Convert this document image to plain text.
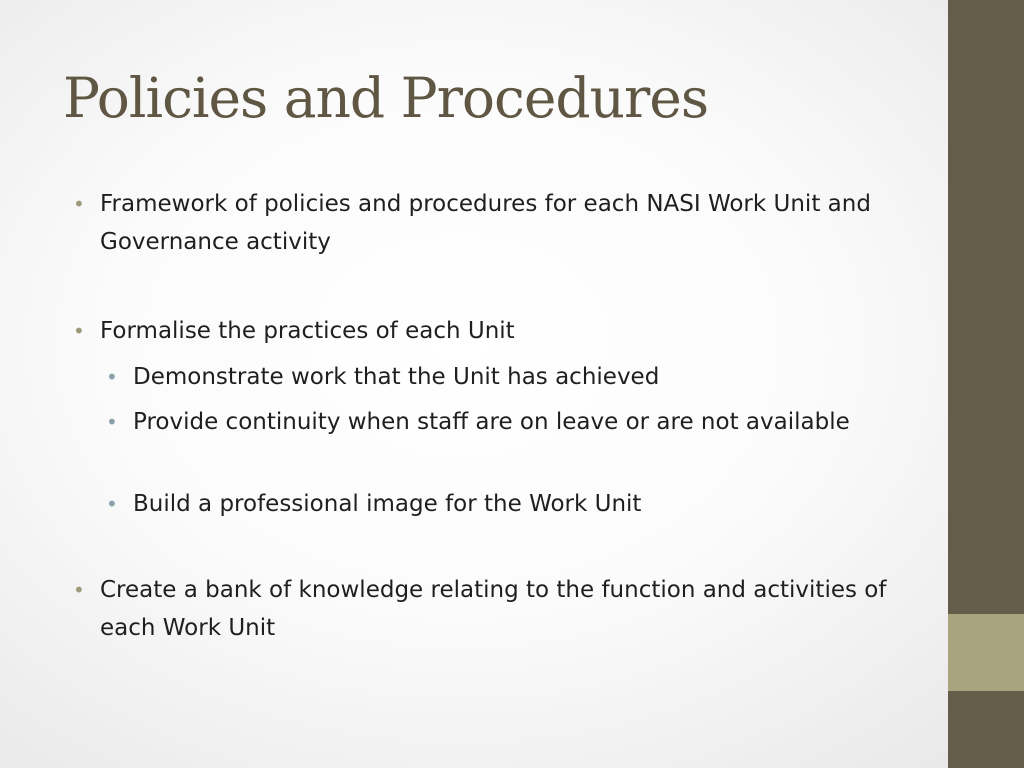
Policies and Procedures
• Framework of policies and procedures for each NASI Work Unit and Governance activity
• Formalise the practices of each Unit
• Demonstrate work that the Unit has achieved
• Provide continuity when staff are on leave or are not available
• Build a professional image for the Work Unit
• Create a bank of knowledge relating to the function and activities of each Work Unit
